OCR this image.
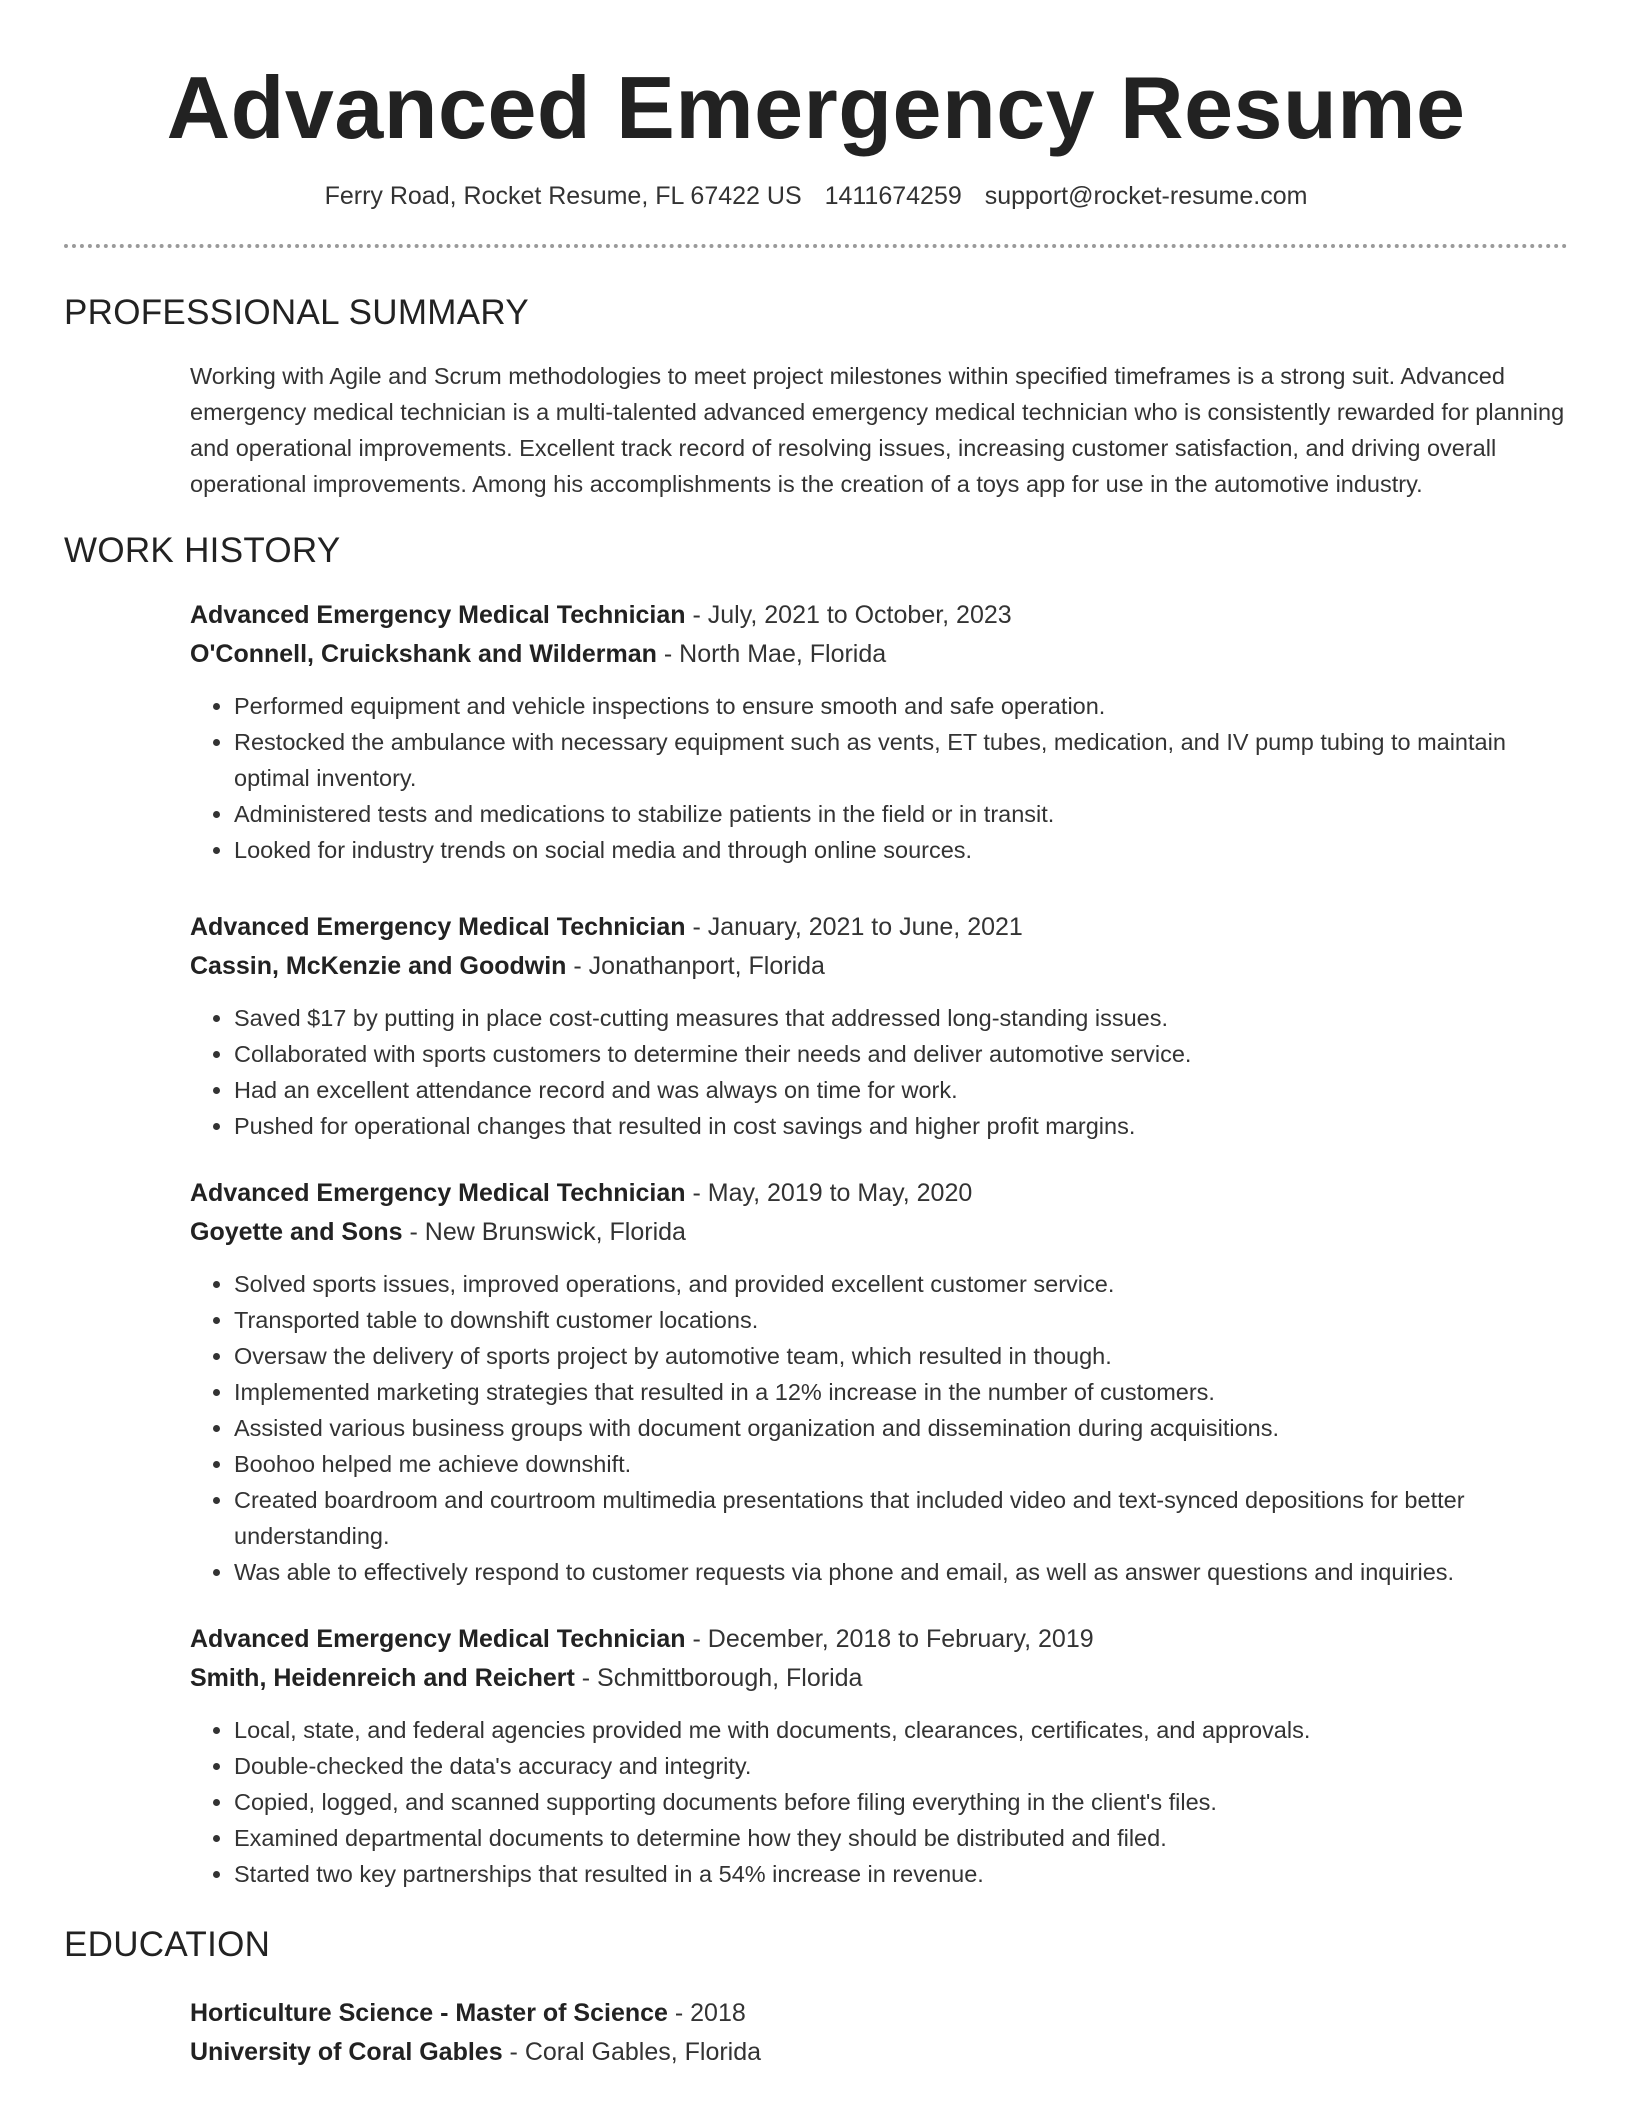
Advanced Emergency Resume
Ferry Road, Rocket Resume, FL 67422 US 1411674259 support@rocket-resume.com
PROFESSIONAL SUMMARY

Working with Agile and Scrum methodologies to meet project milestones within specified timeframes is a strong suit. Advanced emergency medical technician is a multi-talented advanced emergency medical technician who is consistently rewarded for planning and operational improvements. Excellent track record of resolving issues, increasing customer satisfaction, and driving overall operational improvements. Among his accomplishments is the creation of a toys app for use in the automotive industry.

WORK HISTORY
Advanced Emergency Medical Technician - July, 2021 to October, 2023
O'Connell, Cruickshank and Wilderman - North Mae, Florida
• Performed equipment and vehicle inspections to ensure smooth and safe operation.
• Restocked the ambulance with necessary equipment such as vents, ET tubes, medication, and IV pump tubing to maintain optimal inventory.
• Administered tests and medications to stabilize patients in the field or in transit.
• Looked for industry trends on social media and through online sources.
Advanced Emergency Medical Technician - January, 2021 to June, 2021
Cassin, McKenzie and Goodwin - Jonathanport, Florida
• Saved $17 by putting in place cost-cutting measures that addressed long-standing issues.
• Collaborated with sports customers to determine their needs and deliver automotive service.
• Had an excellent attendance record and was always on time for work.
• Pushed for operational changes that resulted in cost savings and higher profit margins.
Advanced Emergency Medical Technician - May, 2019 to May, 2020
Goyette and Sons - New Brunswick, Florida
• Solved sports issues, improved operations, and provided excellent customer service.
• Transported table to downshift customer locations.
• Oversaw the delivery of sports project by automotive team, which resulted in though.
• Implemented marketing strategies that resulted in a 12% increase in the number of customers.
• Assisted various business groups with document organization and dissemination during acquisitions.
• Boohoo helped me achieve downshift.
• Created boardroom and courtroom multimedia presentations that included video and text-synced depositions for better understanding.
• Was able to effectively respond to customer requests via phone and email, as well as answer questions and inquiries.
Advanced Emergency Medical Technician - December, 2018 to February, 2019
Smith, Heidenreich and Reichert - Schmittborough, Florida
• Local, state, and federal agencies provided me with documents, clearances, certificates, and approvals.
• Double-checked the data's accuracy and integrity.
• Copied, logged, and scanned supporting documents before filing everything in the client's files.
• Examined departmental documents to determine how they should be distributed and filed.
• Started two key partnerships that resulted in a 54% increase in revenue.
EDUCATION
Horticulture Science - Master of Science - 2018
University of Coral Gables - Coral Gables, Florida
